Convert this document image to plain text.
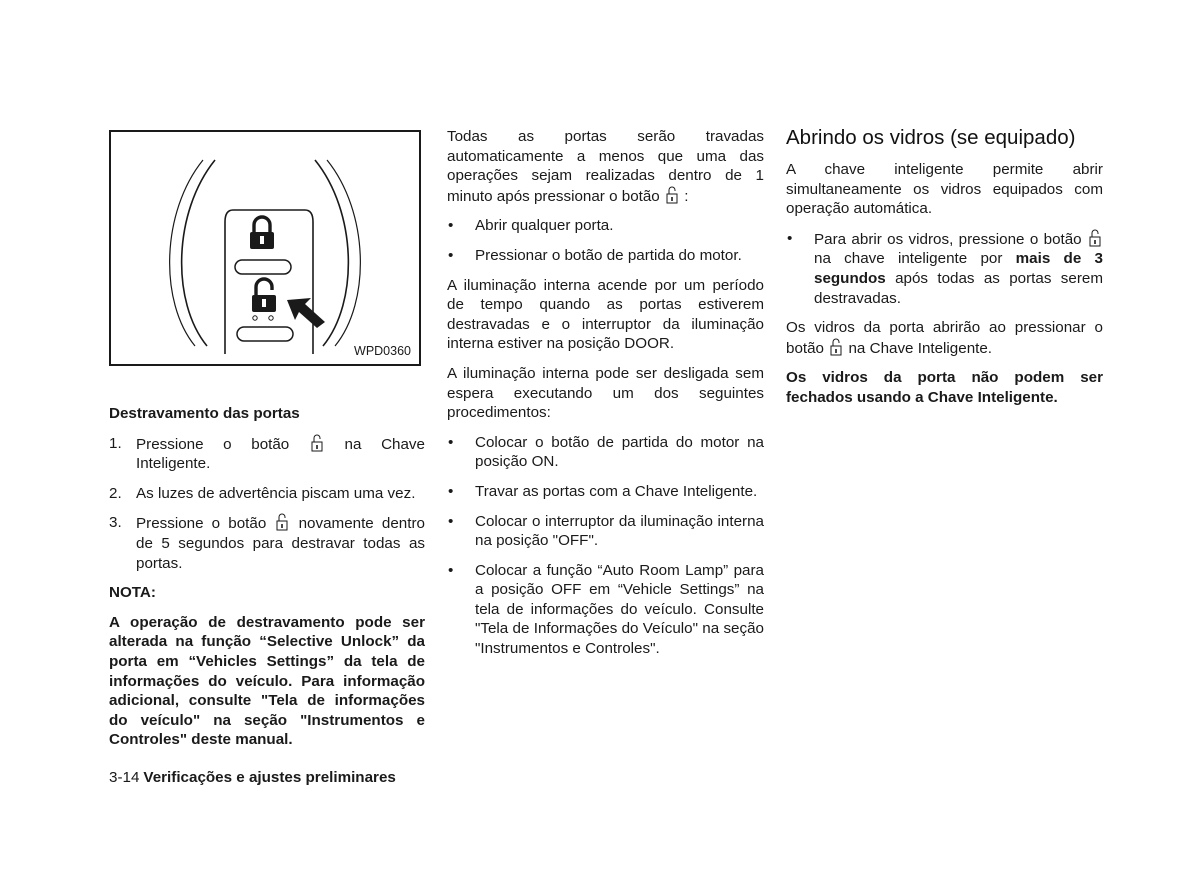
WPD0360

Destravamento das portas

1. Pressione o botão	na Chave Inteligente.
2. As luzes de advertência piscam uma vez.
3. Pressione o botão novamente dentro de 5 segundos para destravar todas as portas.

NOTA:

A operação de destravamento pode ser alterada na função “Selective Unlock” da porta em “Vehicles Settings” da tela de informações do veículo. Para informação adicional, consulte "Tela de informações do veículo" na seção "Instrumentos e Controles" deste manual.

Todas as portas serão travadas automaticamente a menos que uma das operações sejam realizadas dentro de 1 minuto após pressionar o botão :

•	Abrir qualquer porta.
•	Pressionar o botão de partida do motor.

A iluminação interna acende por um período de tempo quando as portas estiverem destravadas e o interruptor da iluminação interna estiver na posição DOOR.

A iluminação interna pode ser desligada sem espera executando um dos seguintes procedimentos:

•	Colocar o botão de partida do motor na posição ON.
•	Travar as portas com a Chave Inteligente.
•	Colocar o interruptor da iluminação interna na posição "OFF".
•	Colocar a função “Auto Room Lamp” para a posição OFF em “Vehicle Settings” na tela de informações do veículo. Consulte "Tela de Informações do Veículo" na seção "Instrumentos e Controles".
Abrindo os vidros (se equipado)

A chave inteligente permite abrir simultaneamente os vidros equipados com operação automática.

•	Para abrir os vidros, pressione o botão  na chave inteligente por mais de 3 segundos após todas as portas serem destravadas.

Os vidros da porta abrirão ao pressionar o botão na Chave Inteligente.

Os vidros da porta não podem ser fechados usando a Chave Inteligente.

3-14 Verificações e ajustes preliminares
